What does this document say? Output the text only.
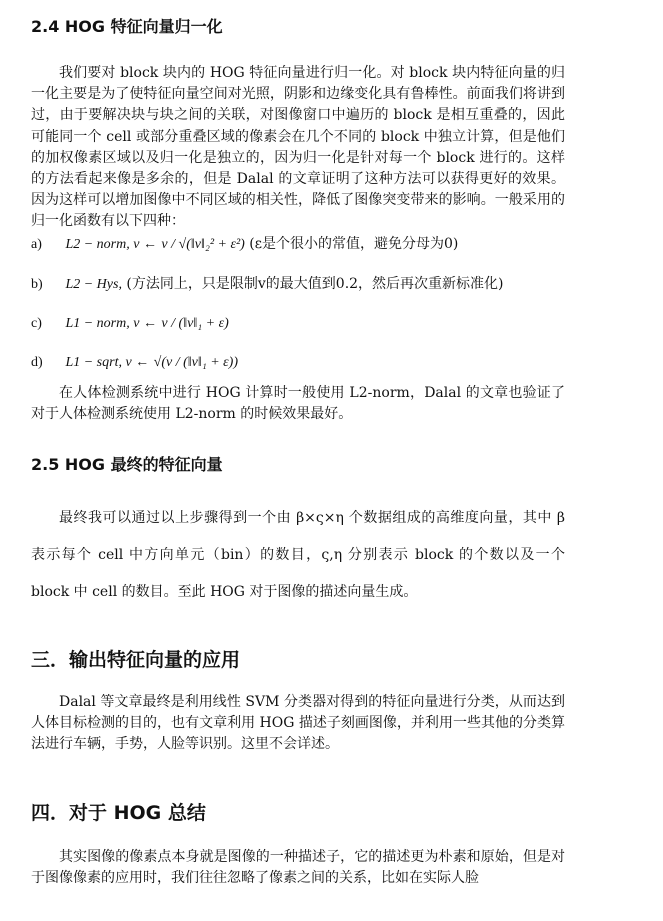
2.4 HOG 特征向量归一化

我们要对 block 块内的 HOG 特征向量进行归一化。对 block 块内特征向量的归一化主要是为了使特征向量空间对光照，阴影和边缘变化具有鲁棒性。前面我们将讲到过，由于要解决块与块之间的关联，对图像窗口中遍历的 block 是相互重叠的，因此可能同一个 cell 或部分重叠区域的像素会在几个不同的 block 中独立计算，但是他们的加权像素区域以及归一化是独立的，因为归一化是针对每一个 block 进行的。这样的方法看起来像是多余的，但是 Dalal 的文章证明了这种方法可以获得更好的效果。因为这样可以增加图像中不同区域的相关性，降低了图像突变带来的影响。一般采用的归一化函数有以下四种：

a) L2 − norm, v ← v / √(‖v‖₂² + ε²) (ε是个很小的常值，避免分母为0)
b) L2 − Hys, (方法同上，只是限制v的最大值到0.2，然后再次重新标准化)
c) L1 − norm, v ← v / (‖v‖₁ + ε)
d) L1 − sqrt, v ← √(v / (‖v‖₁ + ε))

在人体检测系统中进行 HOG 计算时一般使用 L2-norm，Dalal 的文章也验证了对于人体检测系统使用 L2-norm 的时候效果最好。

2.5 HOG 最终的特征向量

最终我可以通过以上步骤得到一个由 β×ς×η 个数据组成的高维度向量，其中 β 表示每个 cell 中方向单元（bin）的数目，ς,η 分别表示 block 的个数以及一个 block 中 cell 的数目。至此 HOG 对于图像的描述向量生成。

三．输出特征向量的应用

Dalal 等文章最终是利用线性 SVM 分类器对得到的特征向量进行分类，从而达到人体目标检测的目的，也有文章利用 HOG 描述子刻画图像，并利用一些其他的分类算法进行车辆，手势，人脸等识别。这里不会详述。

四．对于 HOG 总结

其实图像的像素点本身就是图像的一种描述子，它的描述更为朴素和原始，但是对于图像像素的应用时，我们往往忽略了像素之间的关系，比如在实际人脸
